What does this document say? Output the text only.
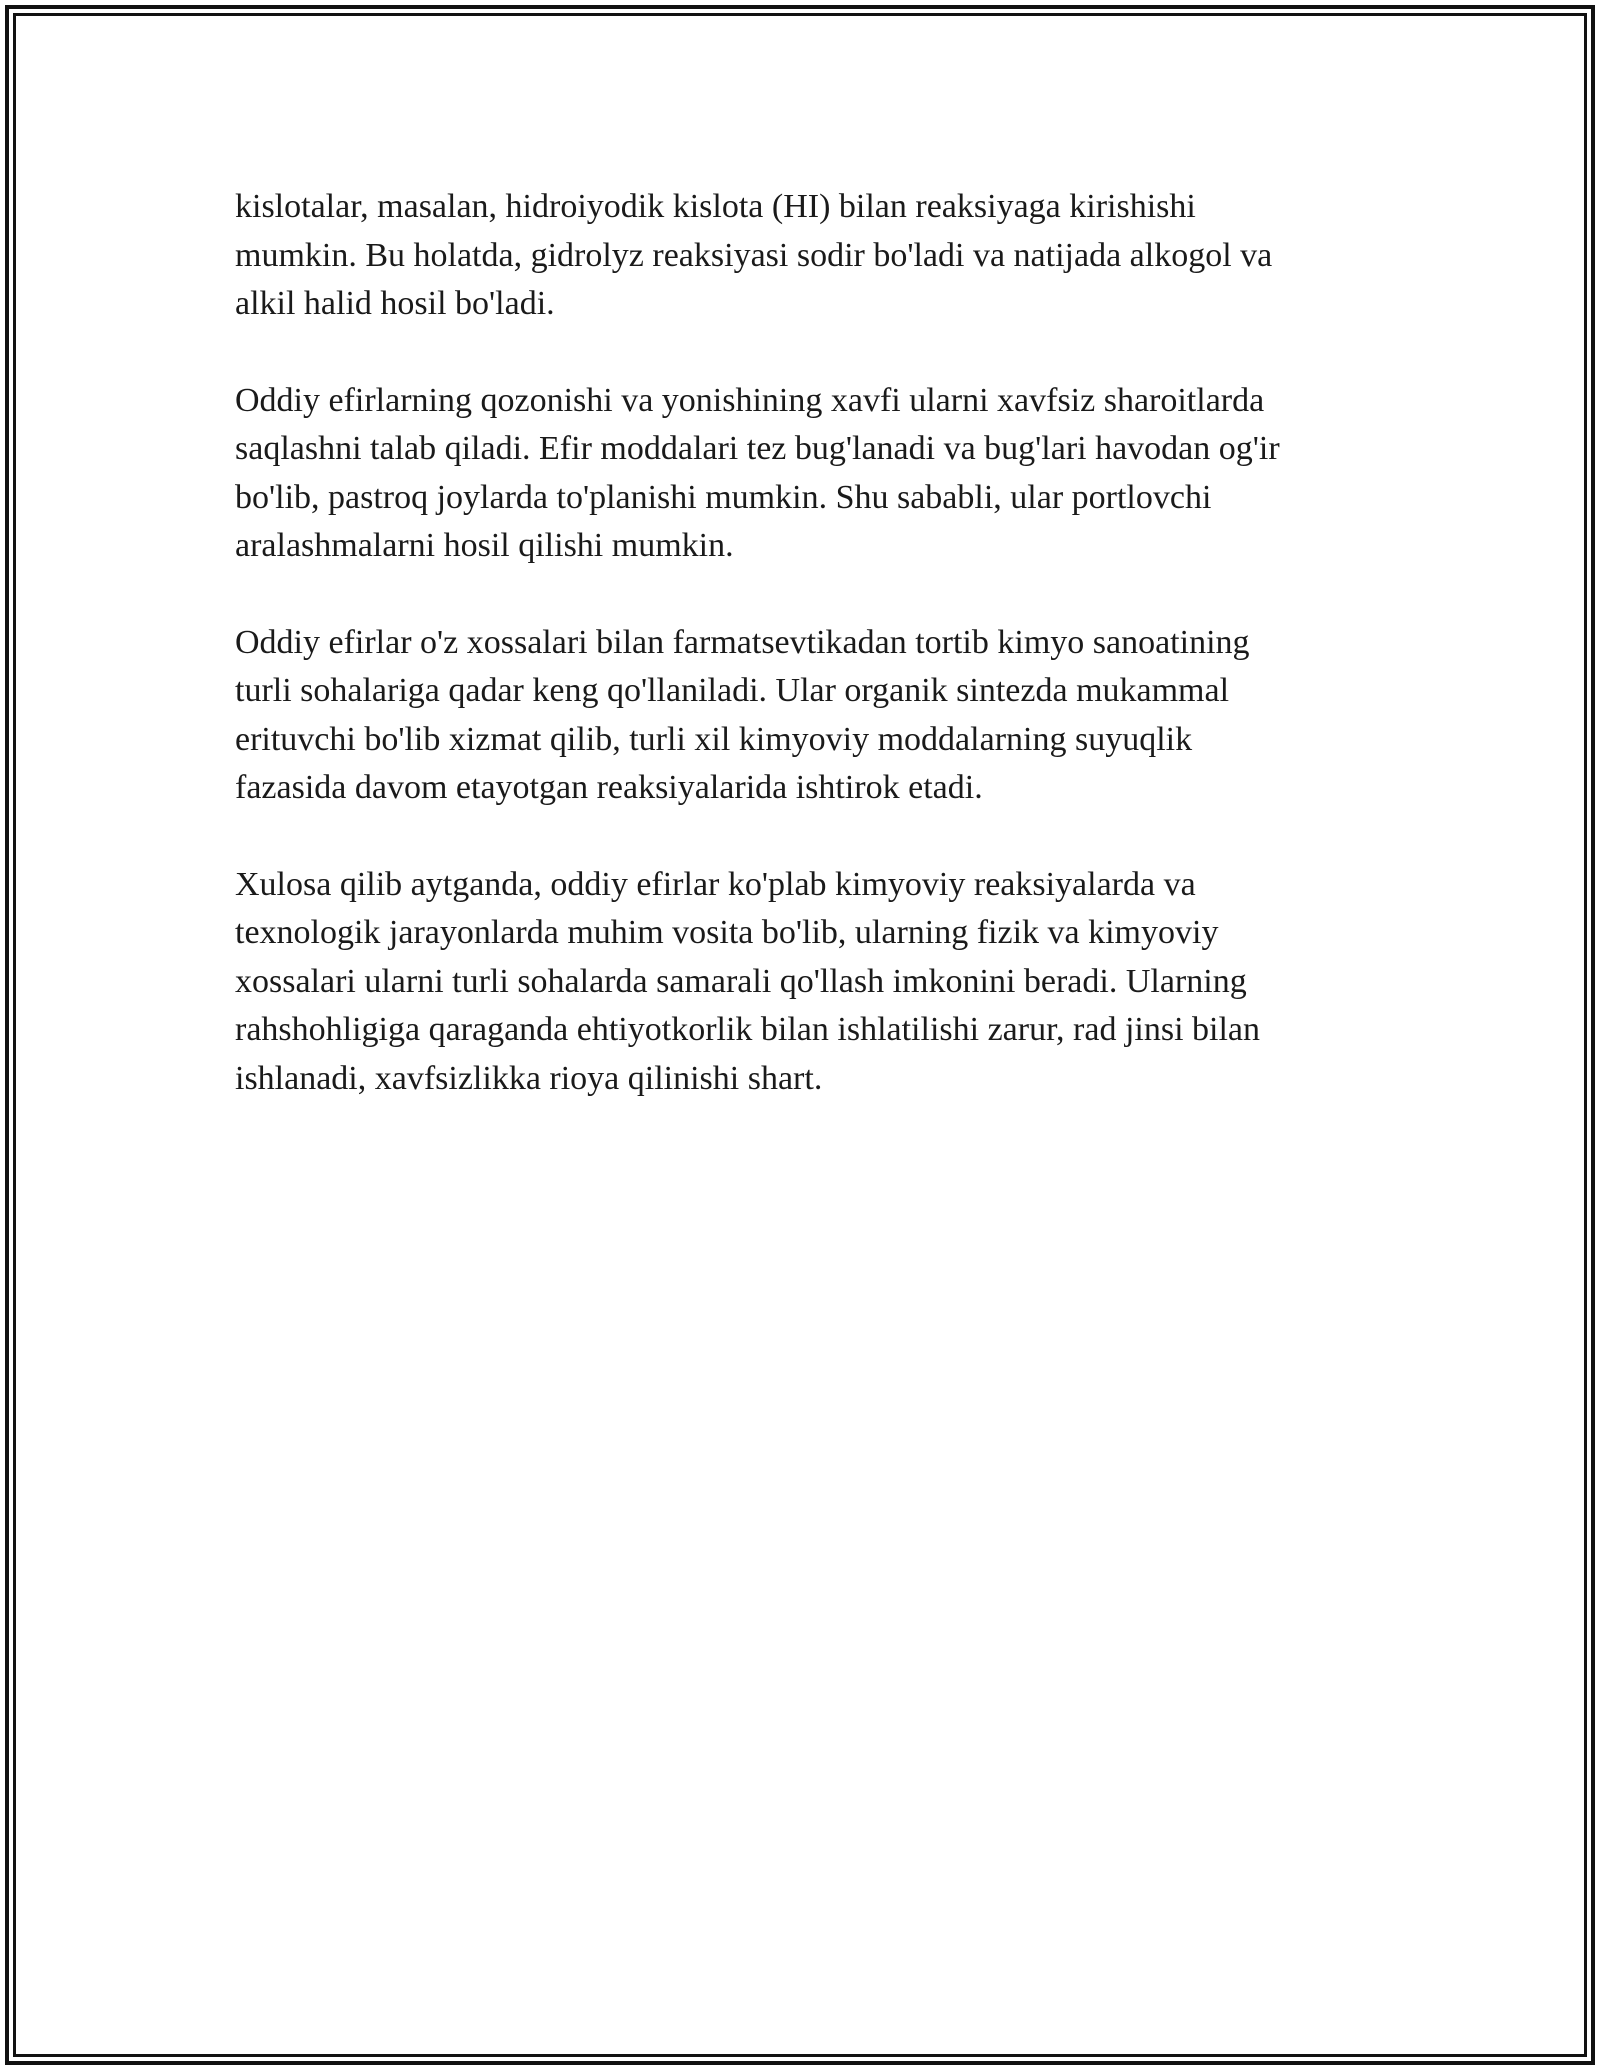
kislotalar, masalan, hidroiyodik kislota (HI) bilan reaksiyaga kirishishi
mumkin. Bu holatda, gidrolyz reaksiyasi sodir bo'ladi va natijada alkogol va
alkil halid hosil bo'ladi.

Oddiy efirlarning qozonishi va yonishining xavfi ularni xavfsiz sharoitlarda
saqlashni talab qiladi. Efir moddalari tez bug'lanadi va bug'lari havodan og'ir
bo'lib, pastroq joylarda to'planishi mumkin. Shu sababli, ular portlovchi
aralashmalarni hosil qilishi mumkin.

Oddiy efirlar o'z xossalari bilan farmatsevtikadan tortib kimyo sanoatining
turli sohalariga qadar keng qo'llaniladi. Ular organik sintezda mukammal
erituvchi bo'lib xizmat qilib, turli xil kimyoviy moddalarning suyuqlik
fazasida davom etayotgan reaksiyalarida ishtirok etadi.

Xulosa qilib aytganda, oddiy efirlar ko'plab kimyoviy reaksiyalarda va
texnologik jarayonlarda muhim vosita bo'lib, ularning fizik va kimyoviy
xossalari ularni turli sohalarda samarali qo'llash imkonini beradi. Ularning
rahshohligiga qaraganda ehtiyotkorlik bilan ishlatilishi zarur, rad jinsi bilan
ishlanadi, xavfsizlikka rioya qilinishi shart.
